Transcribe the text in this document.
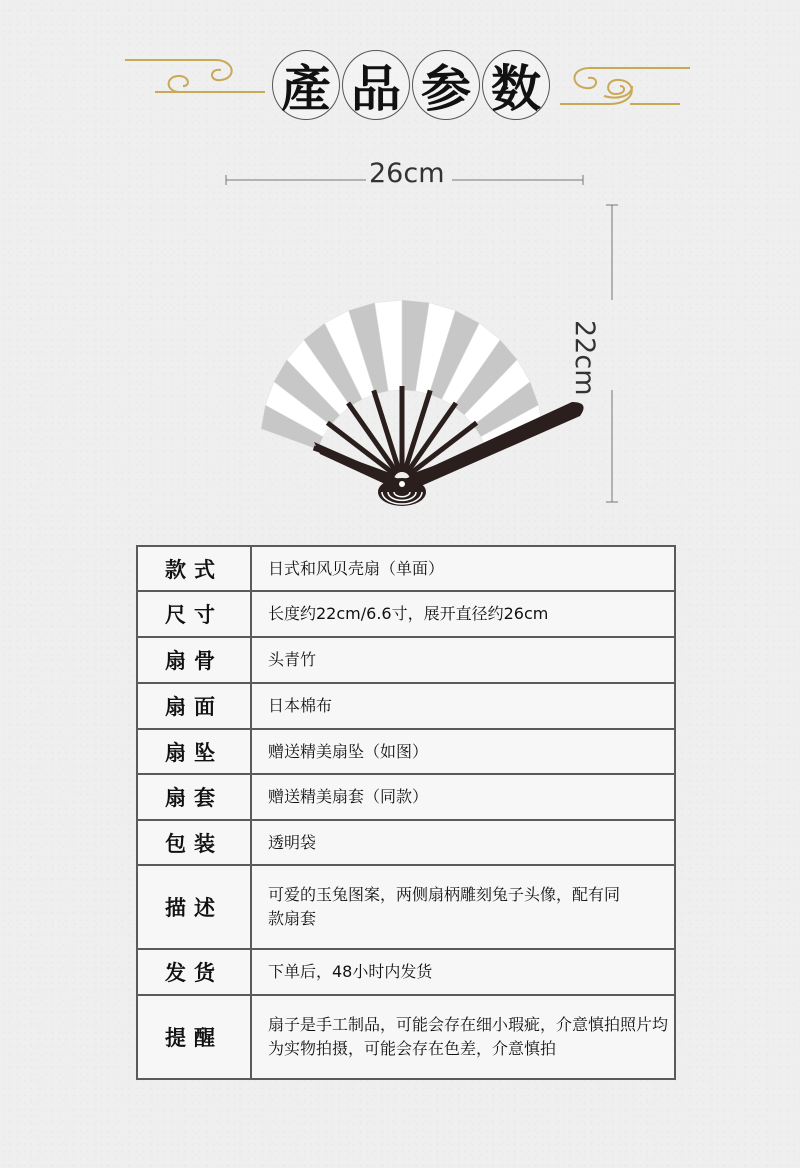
產 品 参 数
26cm
22cm
款式	日式和风贝壳扇（单面）
尺寸	长度约22cm/6.6寸，展开直径约26cm
扇骨	头青竹
扇面	日本棉布
扇坠	赠送精美扇坠（如图）
扇套	赠送精美扇套（同款）
包装	透明袋
描述	可爱的玉兔图案，两侧扇柄雕刻兔子头像，配有同款扇套
发货	下单后，48小时内发货
提醒	扇子是手工制品，可能会存在细小瑕疵，介意慎拍照片均为实物拍摄，可能会存在色差，介意慎拍
